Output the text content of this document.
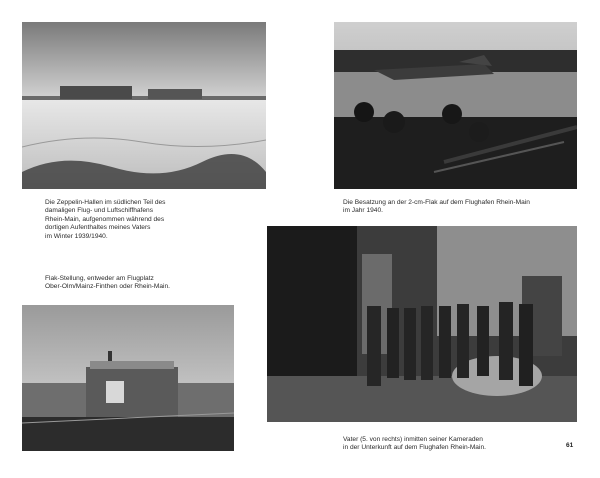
Die Zeppelin-Hallen im südlichen Teil des
damaligen Flug- und Luftschiffhafens
Rhein-Main, aufgenommen während des
dortigen Aufenthaltes meines Vaters
im Winter 1939/1940.
Die Besatzung an der 2-cm-Flak auf dem Flughafen Rhein-Main
im Jahr 1940.
Flak-Stellung, entweder am Flugplatz
Ober-Olm/Mainz-Finthen oder Rhein-Main.
Vater (5. von rechts) inmitten seiner Kameraden
in der Unterkunft auf dem Flughafen Rhein-Main.	61
